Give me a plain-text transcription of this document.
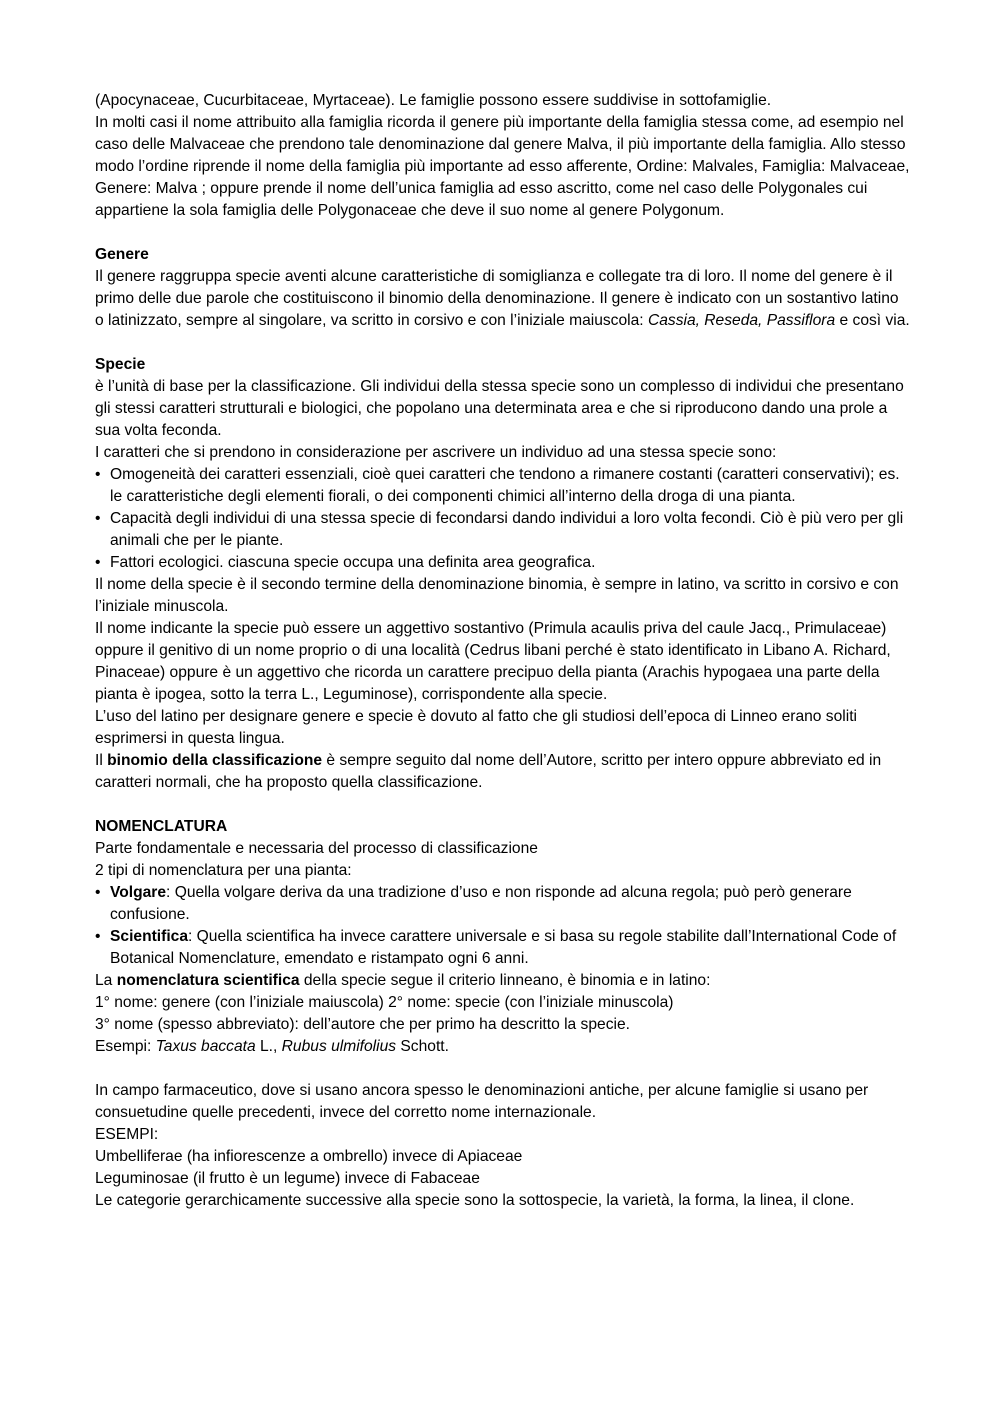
(Apocynaceae, Cucurbitaceae, Myrtaceae). Le famiglie possono essere suddivise in sottofamiglie.

In molti casi il nome attribuito alla famiglia ricorda il genere più importante della famiglia stessa come, ad esempio nel caso delle Malvaceae che prendono tale denominazione dal genere Malva, il più importante della famiglia. Allo stesso modo l’ordine riprende il nome della famiglia più importante ad esso afferente, Ordine: Malvales, Famiglia: Malvaceae, Genere: Malva ; oppure prende il nome dell’unica famiglia ad esso ascritto, come nel caso delle Polygonales cui appartiene la sola famiglia delle Polygonaceae che deve il suo nome al genere Polygonum.

Genere

Il genere raggruppa specie aventi alcune caratteristiche di somiglianza e collegate tra di loro. Il nome del genere è il primo delle due parole che costituiscono il binomio della denominazione. Il genere è indicato con un sostantivo latino o latinizzato, sempre al singolare, va scritto in corsivo e con l’iniziale maiuscola: Cassia, Reseda, Passiflora e così via.

Specie

è l’unità di base per la classificazione. Gli individui della stessa specie sono un complesso di individui che presentano gli stessi caratteri strutturali e biologici, che popolano una determinata area e che si riproducono dando una prole a sua volta feconda.

I caratteri che si prendono in considerazione per ascrivere un individuo ad una stessa specie sono:

• Omogeneità dei caratteri essenziali, cioè quei caratteri che tendono a rimanere costanti (caratteri conservativi); es. le caratteristiche degli elementi fiorali, o dei componenti chimici all’interno della droga di una pianta.
• Capacità degli individui di una stessa specie di fecondarsi dando individui a loro volta fecondi. Ciò è più vero per gli animali che per le piante.
• Fattori ecologici. ciascuna specie occupa una definita area geografica.

Il nome della specie è il secondo termine della denominazione binomia, è sempre in latino, va scritto in corsivo e con l’iniziale minuscola.

Il nome indicante la specie può essere un aggettivo sostantivo (Primula acaulis priva del caule Jacq., Primulaceae) oppure il genitivo di un nome proprio o di una località (Cedrus libani perché è stato identificato in Libano A. Richard, Pinaceae) oppure è un aggettivo che ricorda un carattere precipuo della pianta (Arachis hypogaea una parte della pianta è ipogea, sotto la terra L., Leguminose), corrispondente alla specie.

L’uso del latino per designare genere e specie è dovuto al fatto che gli studiosi dell’epoca di Linneo erano soliti esprimersi in questa lingua.

Il binomio della classificazione è sempre seguito dal nome dell’Autore, scritto per intero oppure abbreviato ed in caratteri normali, che ha proposto quella classificazione.

NOMENCLATURA

Parte fondamentale e necessaria del processo di classificazione

2 tipi di nomenclatura per una pianta:

• Volgare: Quella volgare deriva da una tradizione d’uso e non risponde ad alcuna regola; può però generare confusione.
• Scientifica: Quella scientifica ha invece carattere universale e si basa su regole stabilite dall’International Code of Botanical Nomenclature, emendato e ristampato ogni 6 anni.

La nomenclatura scientifica della specie segue il criterio linneano, è binomia e in latino:

1° nome: genere (con l’iniziale maiuscola) 2° nome: specie (con l’iniziale minuscola)

3° nome (spesso abbreviato): dell’autore che per primo ha descritto la specie.

Esempi: Taxus baccata L., Rubus ulmifolius Schott.

In campo farmaceutico, dove si usano ancora spesso le denominazioni antiche, per alcune famiglie si usano per consuetudine quelle precedenti, invece del corretto nome internazionale.

ESEMPI:

Umbelliferae (ha infiorescenze a ombrello) invece di Apiaceae

Leguminosae (il frutto è un legume) invece di Fabaceae

Le categorie gerarchicamente successive alla specie sono la sottospecie, la varietà, la forma, la linea, il clone.
